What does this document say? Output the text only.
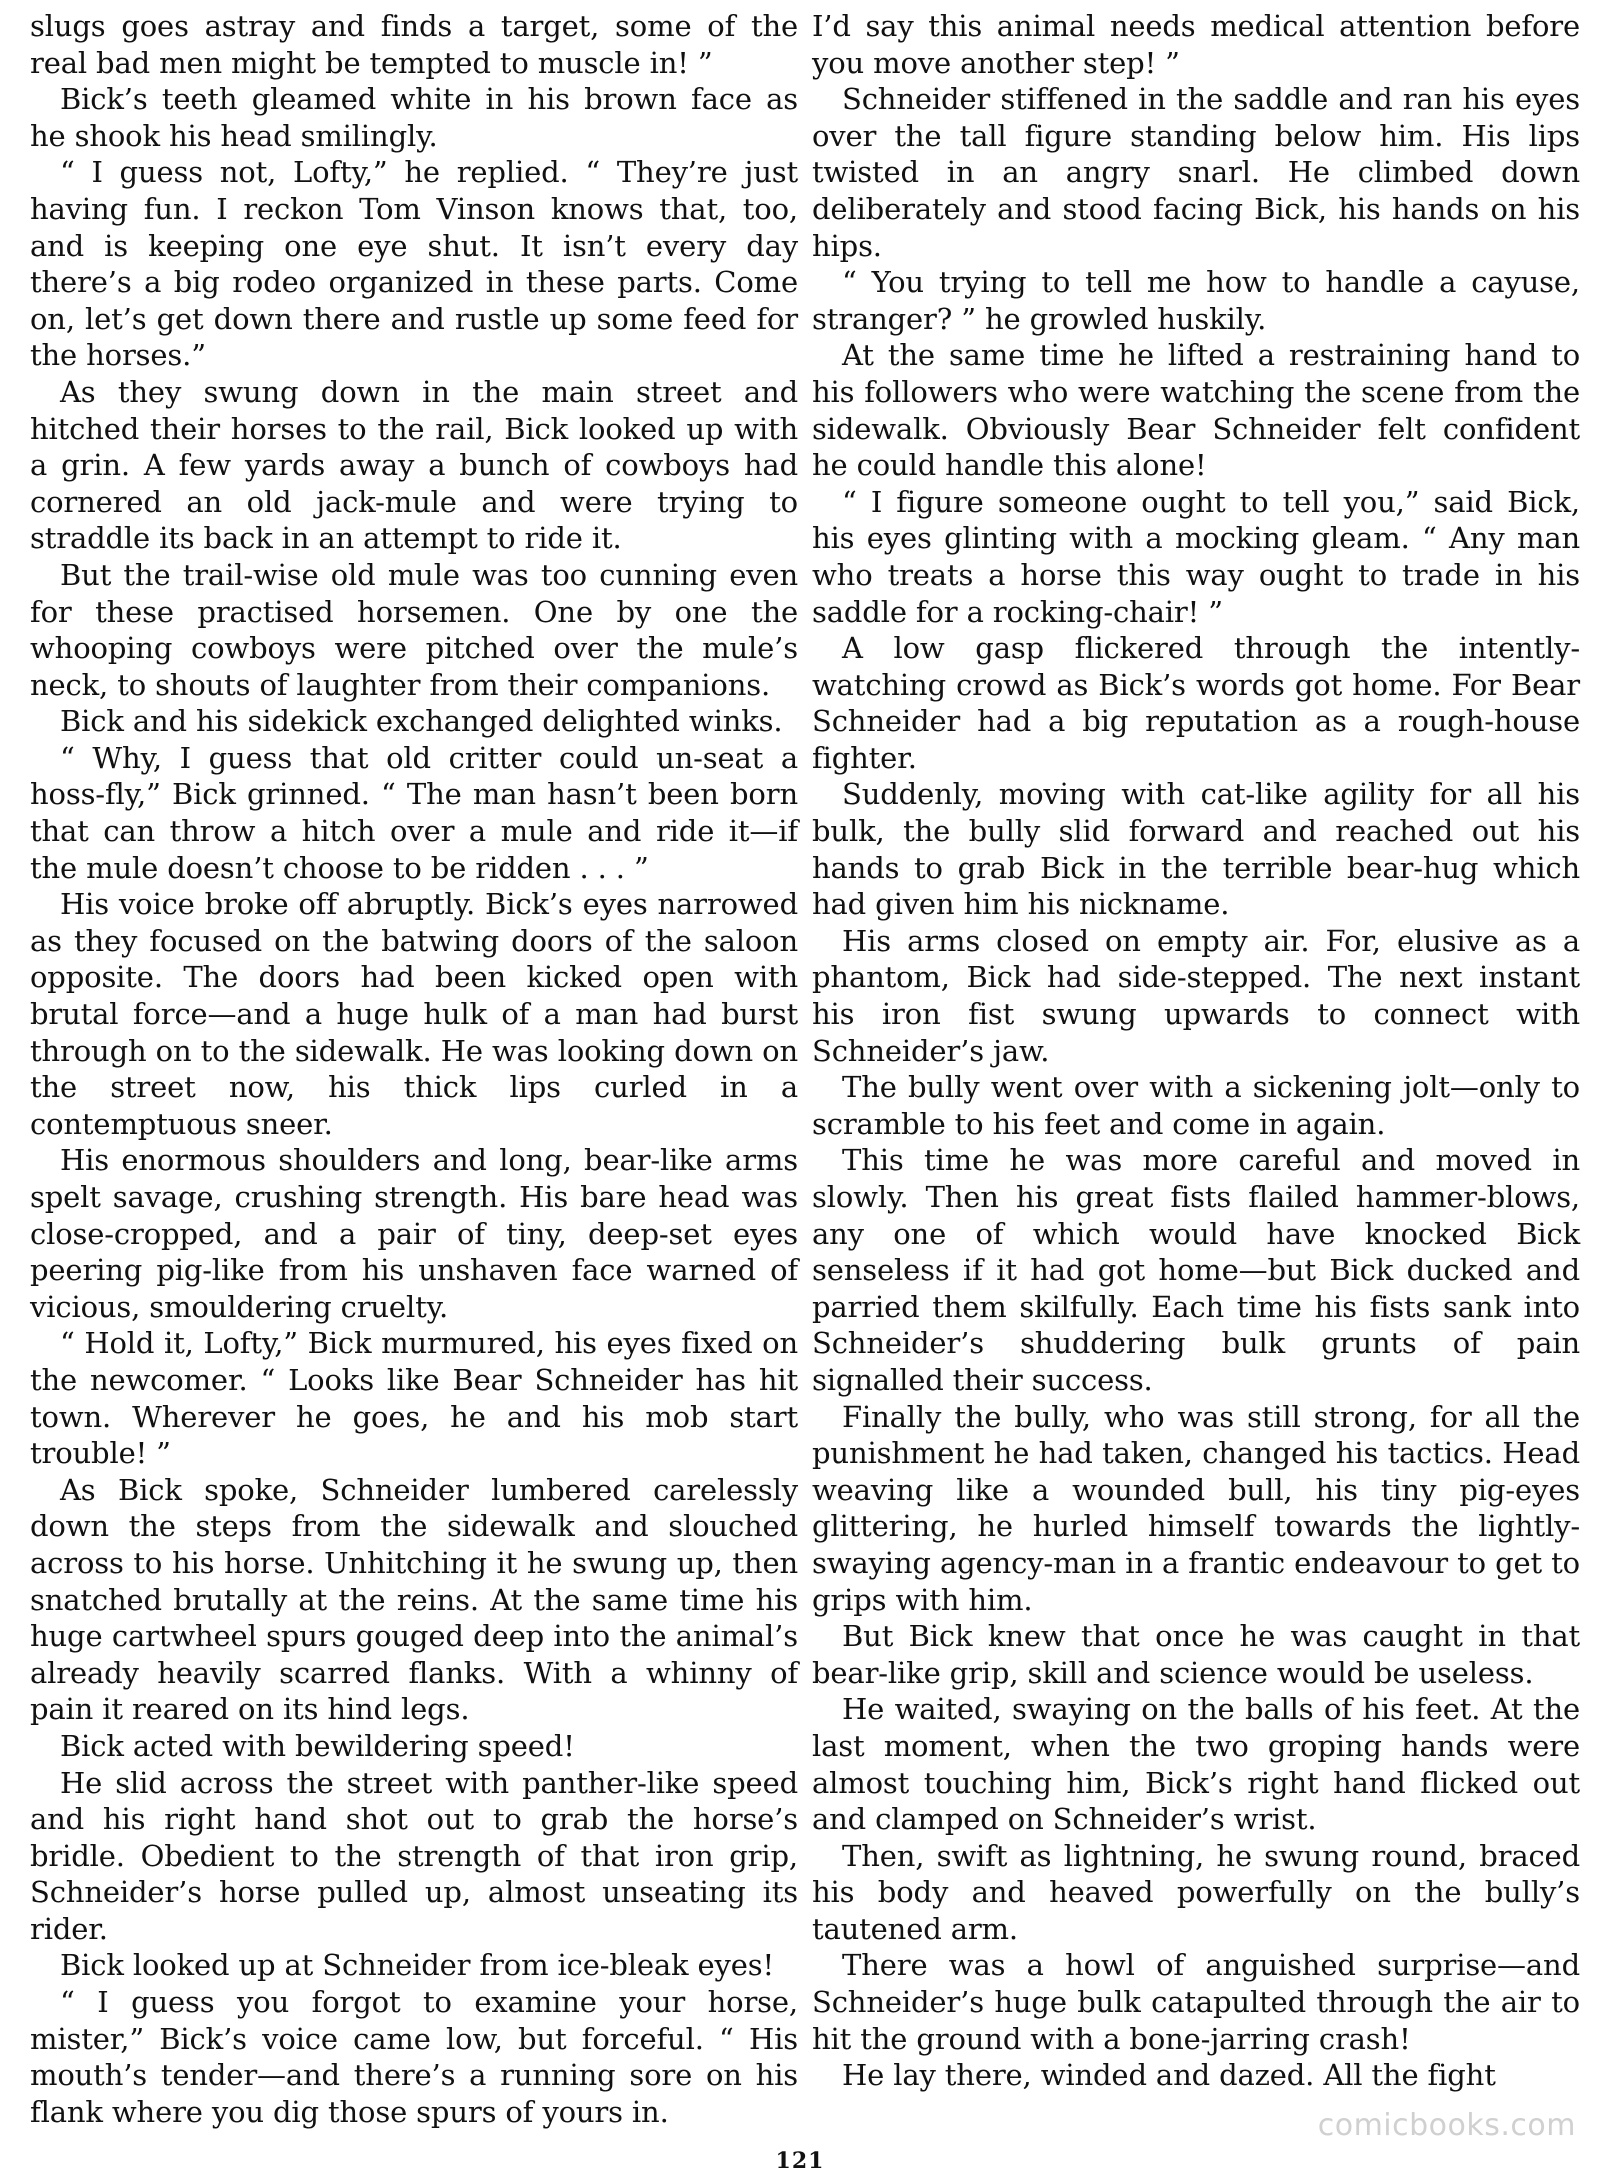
slugs goes astray and finds a target, some of the real bad men might be tempted to muscle in! ”

Bick’s teeth gleamed white in his brown face as he shook his head smilingly.

“ I guess not, Lofty,” he replied. “ They’re just having fun. I reckon Tom Vinson knows that, too, and is keeping one eye shut. It isn’t every day there’s a big rodeo organized in these parts. Come on, let’s get down there and rustle up some feed for the horses.”

As they swung down in the main street and hitched their horses to the rail, Bick looked up with a grin. A few yards away a bunch of cowboys had cornered an old jack-mule and were trying to straddle its back in an attempt to ride it.

But the trail-wise old mule was too cunning even for these practised horsemen. One by one the whooping cowboys were pitched over the mule’s neck, to shouts of laughter from their companions.

Bick and his sidekick exchanged delighted winks.

“ Why, I guess that old critter could un-seat a hoss-fly,” Bick grinned. “ The man hasn’t been born that can throw a hitch over a mule and ride it—if the mule doesn’t choose to be ridden . . . ”

His voice broke off abruptly. Bick’s eyes narrowed as they focused on the batwing doors of the saloon opposite. The doors had been kicked open with brutal force—and a huge hulk of a man had burst through on to the sidewalk. He was looking down on the street now, his thick lips curled in a contemptuous sneer.

His enormous shoulders and long, bear-like arms spelt savage, crushing strength. His bare head was close-cropped, and a pair of tiny, deep-set eyes peering pig-like from his unshaven face warned of vicious, smouldering cruelty.

“ Hold it, Lofty,” Bick murmured, his eyes fixed on the newcomer. “ Looks like Bear Schneider has hit town. Wherever he goes, he and his mob start trouble! ”

As Bick spoke, Schneider lumbered carelessly down the steps from the sidewalk and slouched across to his horse. Unhitching it he swung up, then snatched brutally at the reins. At the same time his huge cartwheel spurs gouged deep into the animal’s already heavily scarred flanks. With a whinny of pain it reared on its hind legs.

Bick acted with bewildering speed!

He slid across the street with panther-like speed and his right hand shot out to grab the horse’s bridle. Obedient to the strength of that iron grip, Schneider’s horse pulled up, almost unseating its rider.

Bick looked up at Schneider from ice-bleak eyes!

“ I guess you forgot to examine your horse, mister,” Bick’s voice came low, but forceful. “ His mouth’s tender—and there’s a running sore on his flank where you dig those spurs of yours in.

I’d say this animal needs medical attention before you move another step! ”

Schneider stiffened in the saddle and ran his eyes over the tall figure standing below him. His lips twisted in an angry snarl. He climbed down deliberately and stood facing Bick, his hands on his hips.

“ You trying to tell me how to handle a cayuse, stranger? ” he growled huskily.

At the same time he lifted a restraining hand to his followers who were watching the scene from the sidewalk. Obviously Bear Schneider felt confident he could handle this alone!

“ I figure someone ought to tell you,” said Bick, his eyes glinting with a mocking gleam. “ Any man who treats a horse this way ought to trade in his saddle for a rocking-chair! ”

A low gasp flickered through the intently-watching crowd as Bick’s words got home. For Bear Schneider had a big reputation as a rough-house fighter.

Suddenly, moving with cat-like agility for all his bulk, the bully slid forward and reached out his hands to grab Bick in the terrible bear-hug which had given him his nickname.

His arms closed on empty air. For, elusive as a phantom, Bick had side-stepped. The next instant his iron fist swung upwards to connect with Schneider’s jaw.

The bully went over with a sickening jolt—only to scramble to his feet and come in again.

This time he was more careful and moved in slowly. Then his great fists flailed hammer-blows, any one of which would have knocked Bick senseless if it had got home—but Bick ducked and parried them skilfully. Each time his fists sank into Schneider’s shuddering bulk grunts of pain signalled their success.

Finally the bully, who was still strong, for all the punishment he had taken, changed his tactics. Head weaving like a wounded bull, his tiny pig-eyes glittering, he hurled himself towards the lightly-swaying agency-man in a frantic endeavour to get to grips with him.

But Bick knew that once he was caught in that bear-like grip, skill and science would be useless.

He waited, swaying on the balls of his feet. At the last moment, when the two groping hands were almost touching him, Bick’s right hand flicked out and clamped on Schneider’s wrist.

Then, swift as lightning, he swung round, braced his body and heaved powerfully on the bully’s tautened arm.

There was a howl of anguished surprise—and Schneider’s huge bulk catapulted through the air to hit the ground with a bone-jarring crash!

He lay there, winded and dazed. All the fight

121
comicbooks.com
